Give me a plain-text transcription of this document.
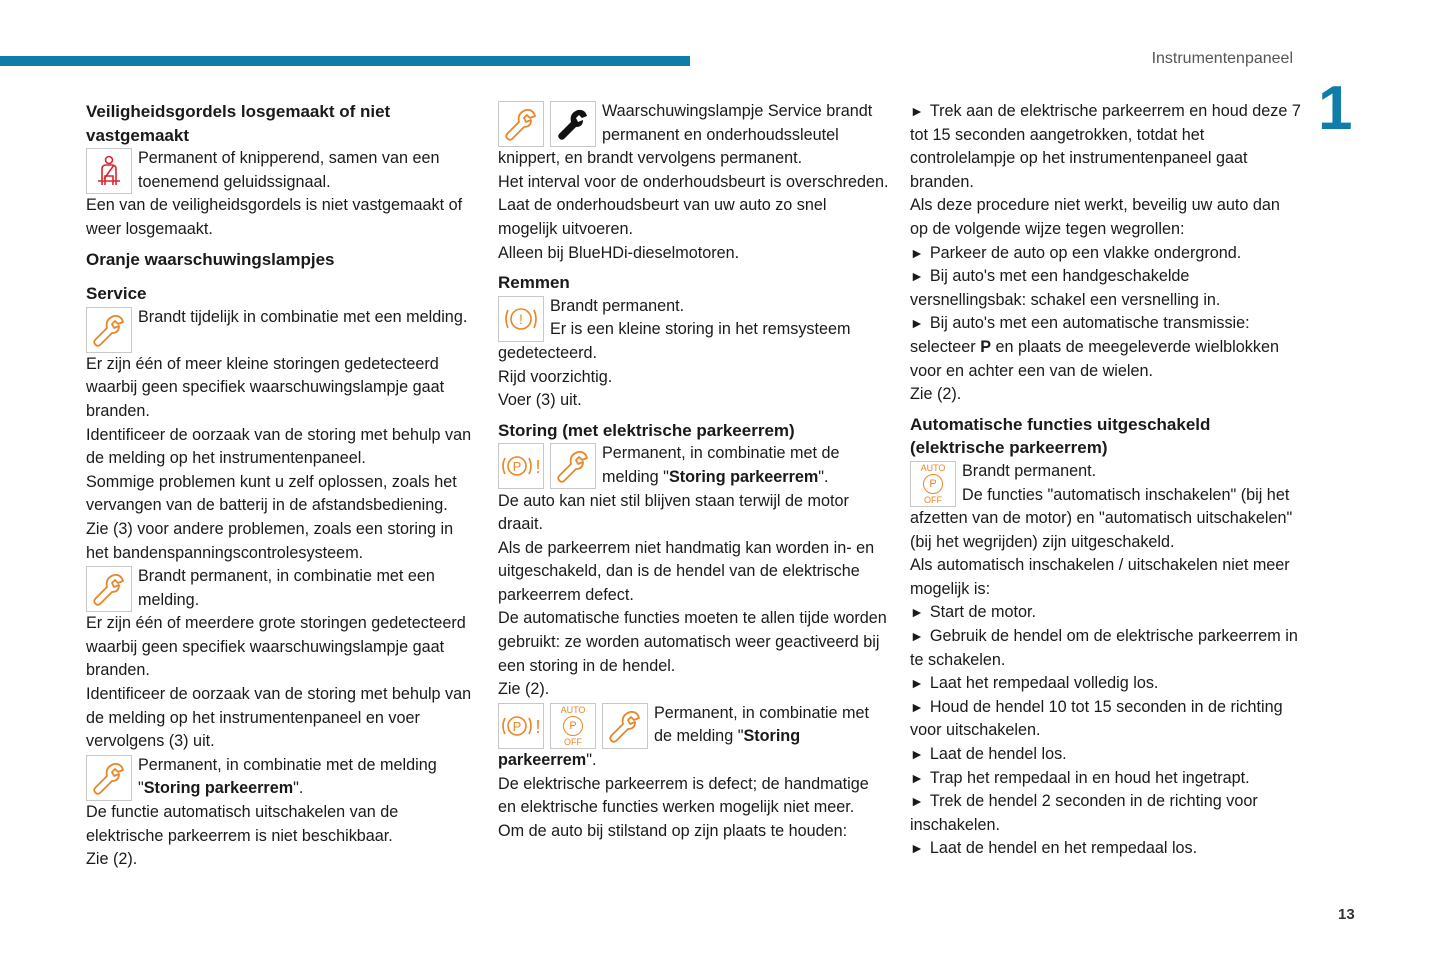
Instrumentenpaneel
1
13
Veiligheidsgordels losgemaakt of niet vastgemaakt

Permanent of knipperend, samen van een toenemend geluidssignaal.

Een van de veiligheidsgordels is niet vastgemaakt of weer losgemaakt.

Oranje waarschuwingslampjes
Service

Brandt tijdelijk in combinatie met een melding.

Er zijn één of meer kleine storingen gedetecteerd waarbij geen specifiek waarschuwingslampje gaat branden.

Identificeer de oorzaak van de storing met behulp van de melding op het instrumentenpaneel.

Sommige problemen kunt u zelf oplossen, zoals het vervangen van de batterij in de afstandsbediening.

Zie (3) voor andere problemen, zoals een storing in het bandenspanningscontrolesysteem.

Brandt permanent, in combinatie met een melding.

Er zijn één of meerdere grote storingen gedetecteerd waarbij geen specifiek waarschuwingslampje gaat branden.

Identificeer de oorzaak van de storing met behulp van de melding op het instrumentenpaneel en voer vervolgens (3) uit.

Permanent, in combinatie met de melding "Storing parkeerrem".

De functie automatisch uitschakelen van de elektrische parkeerrem is niet beschikbaar.

Zie (2).

Waarschuwingslampje Service brandt permanent en onderhoudssleutel knippert, en brandt vervolgens permanent.

Het interval voor de onderhoudsbeurt is overschreden.

Laat de onderhoudsbeurt van uw auto zo snel mogelijk uitvoeren.

Alleen bij BlueHDi-dieselmotoren.

Remmen
!

Brandt permanent.

Er is een kleine storing in het remsysteem gedetecteerd.

Rijd voorzichtig.

Voer (3) uit.

Storing (met elektrische parkeerrem)
P !

Permanent, in combinatie met de melding "Storing parkeerrem".

De auto kan niet stil blijven staan terwijl de motor draait.

Als de parkeerrem niet handmatig kan worden in- en uitgeschakeld, dan is de hendel van de elektrische parkeerrem defect.

De automatische functies moeten te allen tijde worden gebruikt: ze worden automatisch weer geactiveerd bij een storing in de hendel.

Zie (2).

P !
AUTO
P
OFF

Permanent, in combinatie met de melding "Storing parkeerrem".

De elektrische parkeerrem is defect; de handmatige en elektrische functies werken mogelijk niet meer.

Om de auto bij stilstand op zijn plaats te houden:

► Trek aan de elektrische parkeerrem en houd deze 7 tot 15 seconden aangetrokken, totdat het controlelampje op het instrumentenpaneel gaat branden.

Als deze procedure niet werkt, beveilig uw auto dan op de volgende wijze tegen wegrollen:

► Parkeer de auto op een vlakke ondergrond.

► Bij auto's met een handgeschakelde versnellingsbak: schakel een versnelling in.

► Bij auto's met een automatische transmissie: selecteer P en plaats de meegeleverde wielblokken voor en achter een van de wielen.

Zie (2).

Automatische functies uitgeschakeld (elektrische parkeerrem)
AUTO
P
OFF

Brandt permanent.

De functies "automatisch inschakelen" (bij het afzetten van de motor) en "automatisch uitschakelen" (bij het wegrijden) zijn uitgeschakeld.

Als automatisch inschakelen / uitschakelen niet meer mogelijk is:

► Start de motor.

► Gebruik de hendel om de elektrische parkeerrem in te schakelen.

► Laat het rempedaal volledig los.

► Houd de hendel 10 tot 15 seconden in de richting voor uitschakelen.

► Laat de hendel los.

► Trap het rempedaal in en houd het ingetrapt.

► Trek de hendel 2 seconden in de richting voor inschakelen.

► Laat de hendel en het rempedaal los.
